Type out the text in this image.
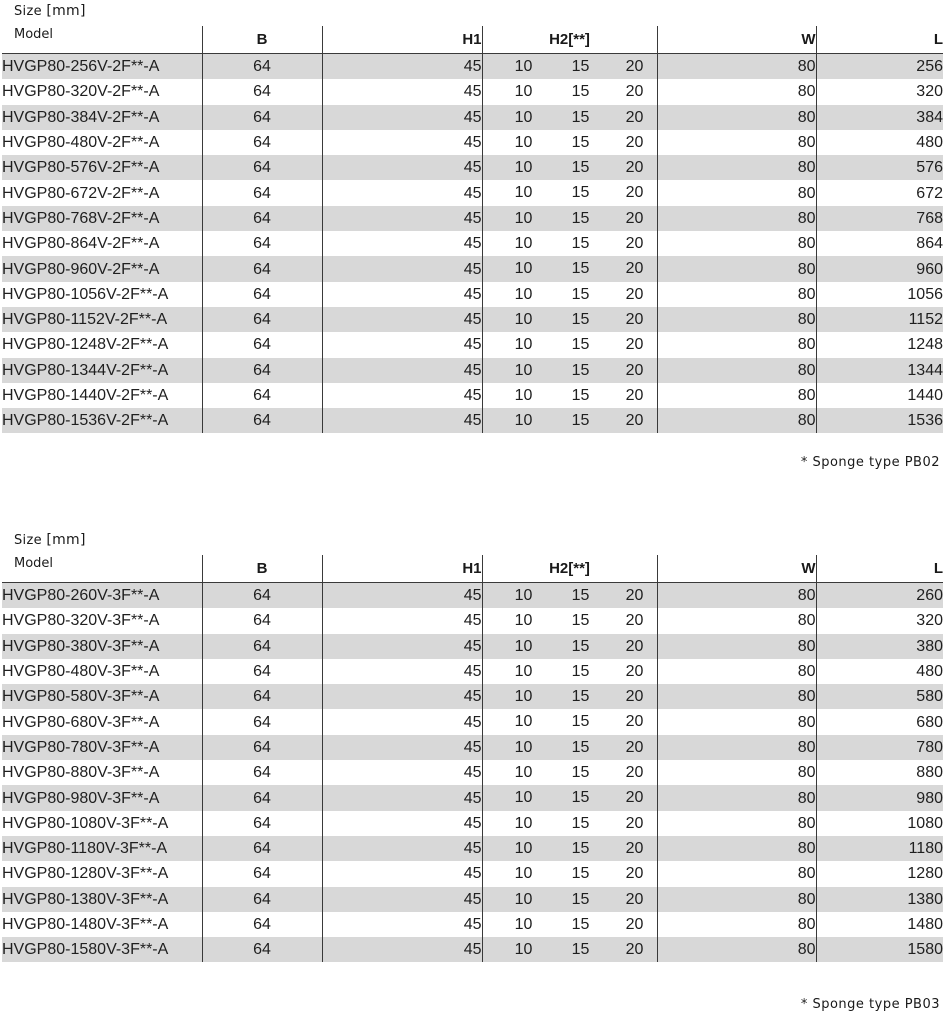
Size [mm]
Model	B	H1	H2[**]	W	L
HVGP80-256V-2F**-A	64	45	10 15 20	80	256
HVGP80-320V-2F**-A	64	45	10 15 20	80	320
HVGP80-384V-2F**-A	64	45	10 15 20	80	384
HVGP80-480V-2F**-A	64	45	10 15 20	80	480
HVGP80-576V-2F**-A	64	45	10 15 20	80	576
HVGP80-672V-2F**-A	64	45	10 15 20	80	672
HVGP80-768V-2F**-A	64	45	10 15 20	80	768
HVGP80-864V-2F**-A	64	45	10 15 20	80	864
HVGP80-960V-2F**-A	64	45	10 15 20	80	960
HVGP80-1056V-2F**-A	64	45	10 15 20	80	1056
HVGP80-1152V-2F**-A	64	45	10 15 20	80	1152
HVGP80-1248V-2F**-A	64	45	10 15 20	80	1248
HVGP80-1344V-2F**-A	64	45	10 15 20	80	1344
HVGP80-1440V-2F**-A	64	45	10 15 20	80	1440
HVGP80-1536V-2F**-A	64	45	10 15 20	80	1536
* Sponge type PB02
Size [mm]
Model	B	H1	H2[**]	W	L
HVGP80-260V-3F**-A	64	45	10 15 20	80	260
HVGP80-320V-3F**-A	64	45	10 15 20	80	320
HVGP80-380V-3F**-A	64	45	10 15 20	80	380
HVGP80-480V-3F**-A	64	45	10 15 20	80	480
HVGP80-580V-3F**-A	64	45	10 15 20	80	580
HVGP80-680V-3F**-A	64	45	10 15 20	80	680
HVGP80-780V-3F**-A	64	45	10 15 20	80	780
HVGP80-880V-3F**-A	64	45	10 15 20	80	880
HVGP80-980V-3F**-A	64	45	10 15 20	80	980
HVGP80-1080V-3F**-A	64	45	10 15 20	80	1080
HVGP80-1180V-3F**-A	64	45	10 15 20	80	1180
HVGP80-1280V-3F**-A	64	45	10 15 20	80	1280
HVGP80-1380V-3F**-A	64	45	10 15 20	80	1380
HVGP80-1480V-3F**-A	64	45	10 15 20	80	1480
HVGP80-1580V-3F**-A	64	45	10 15 20	80	1580
* Sponge type PB03
